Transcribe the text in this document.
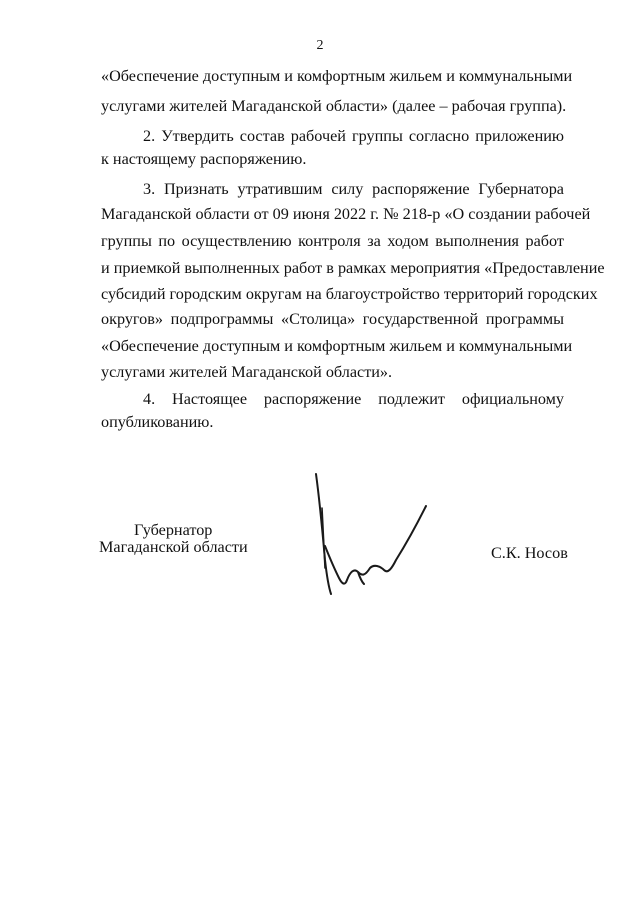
2
«Обеспечение доступным и комфортным жильем и коммунальными
услугами жителей Магаданской области» (далее – рабочая группа).
2. Утвердить состав рабочей группы согласно приложению
к настоящему распоряжению.
3. Признать утратившим силу распоряжение Губернатора
Магаданской области от 09 июня 2022 г. № 218-р «О создании рабочей
группы по осуществлению контроля за ходом выполнения работ
и приемкой выполненных работ в рамках мероприятия «Предоставление
субсидий городским округам на благоустройство территорий городских
округов» подпрограммы «Столица» государственной программы
«Обеспечение доступным и комфортным жильем и коммунальными
услугами жителей Магаданской области».
4. Настоящее распоряжение подлежит официальному
опубликованию.
Губернатор
Магаданской области	С.К. Носов
